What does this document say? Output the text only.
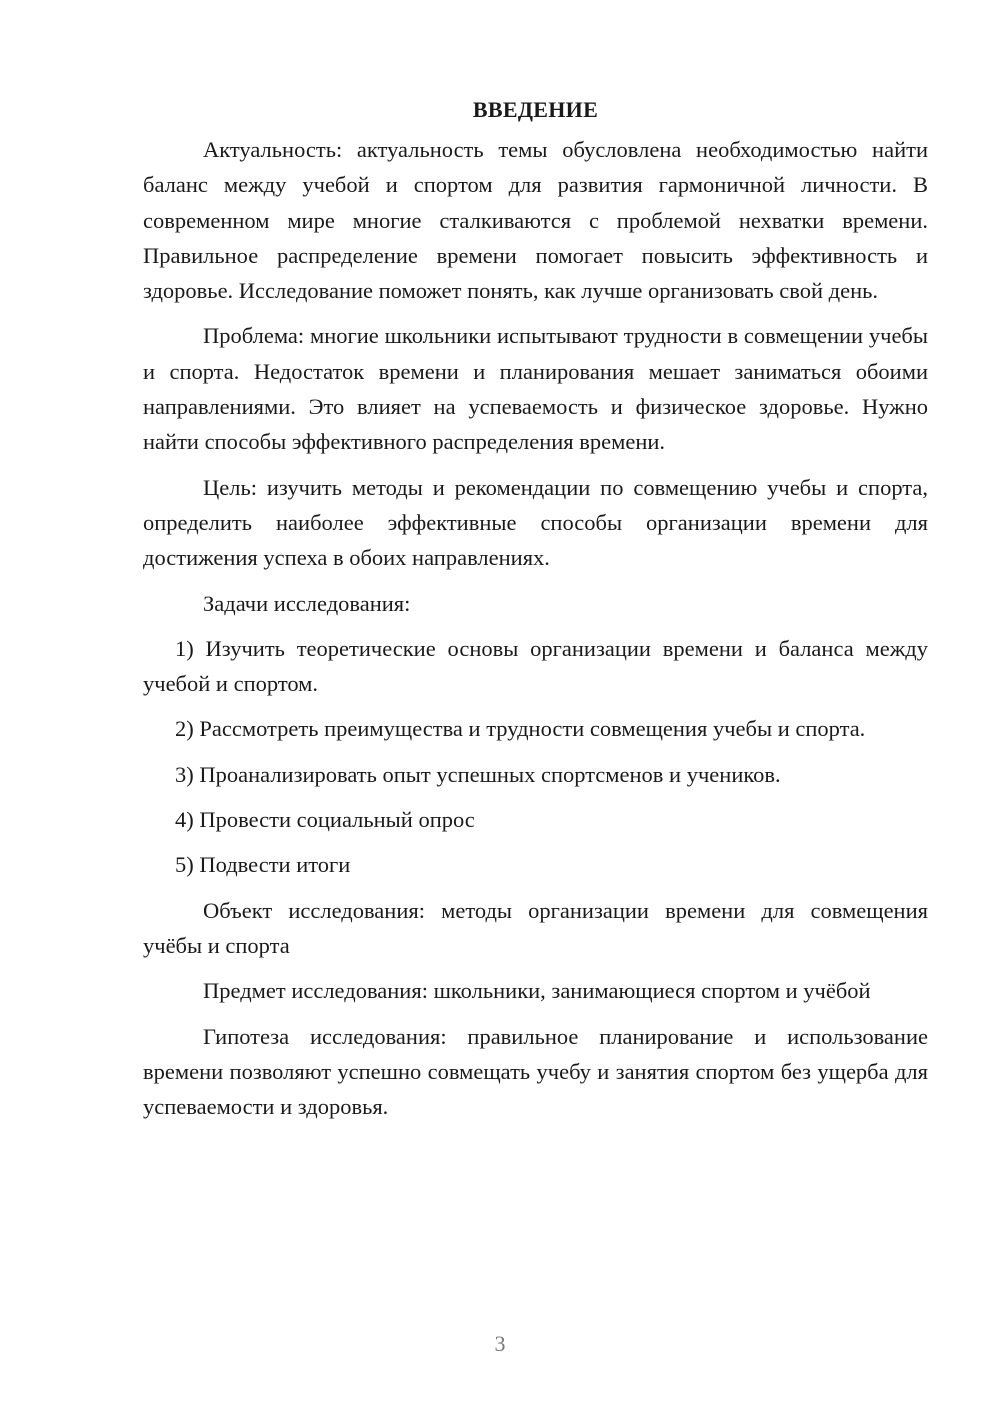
ВВЕДЕНИЕ

Актуальность: актуальность темы обусловлена необходимостью найти баланс между учебой и спортом для развития гармоничной личности. В современном мире многие сталкиваются с проблемой нехватки времени. Правильное распределение времени помогает повысить эффективность и здоровье. Исследование поможет понять, как лучше организовать свой день.

Проблема: многие школьники испытывают трудности в совмещении учебы и спорта. Недостаток времени и планирования мешает заниматься обоими направлениями. Это влияет на успеваемость и физическое здоровье. Нужно найти способы эффективного распределения времени.

Цель: изучить методы и рекомендации по совмещению учебы и спорта, определить наиболее эффективные способы организации времени для достижения успеха в обоих направлениях.

Задачи исследования:

1) Изучить теоретические основы организации времени и баланса между учебой и спортом.

2) Рассмотреть преимущества и трудности совмещения учебы и спорта.

3) Проанализировать опыт успешных спортсменов и учеников.

4) Провести социальный опрос

5) Подвести итоги

Объект исследования: методы организации времени для совмещения учёбы и спорта

Предмет исследования: школьники, занимающиеся спортом и учёбой

Гипотеза исследования: правильное планирование и использование времени позволяют успешно совмещать учебу и занятия спортом без ущерба для успеваемости и здоровья.

3
